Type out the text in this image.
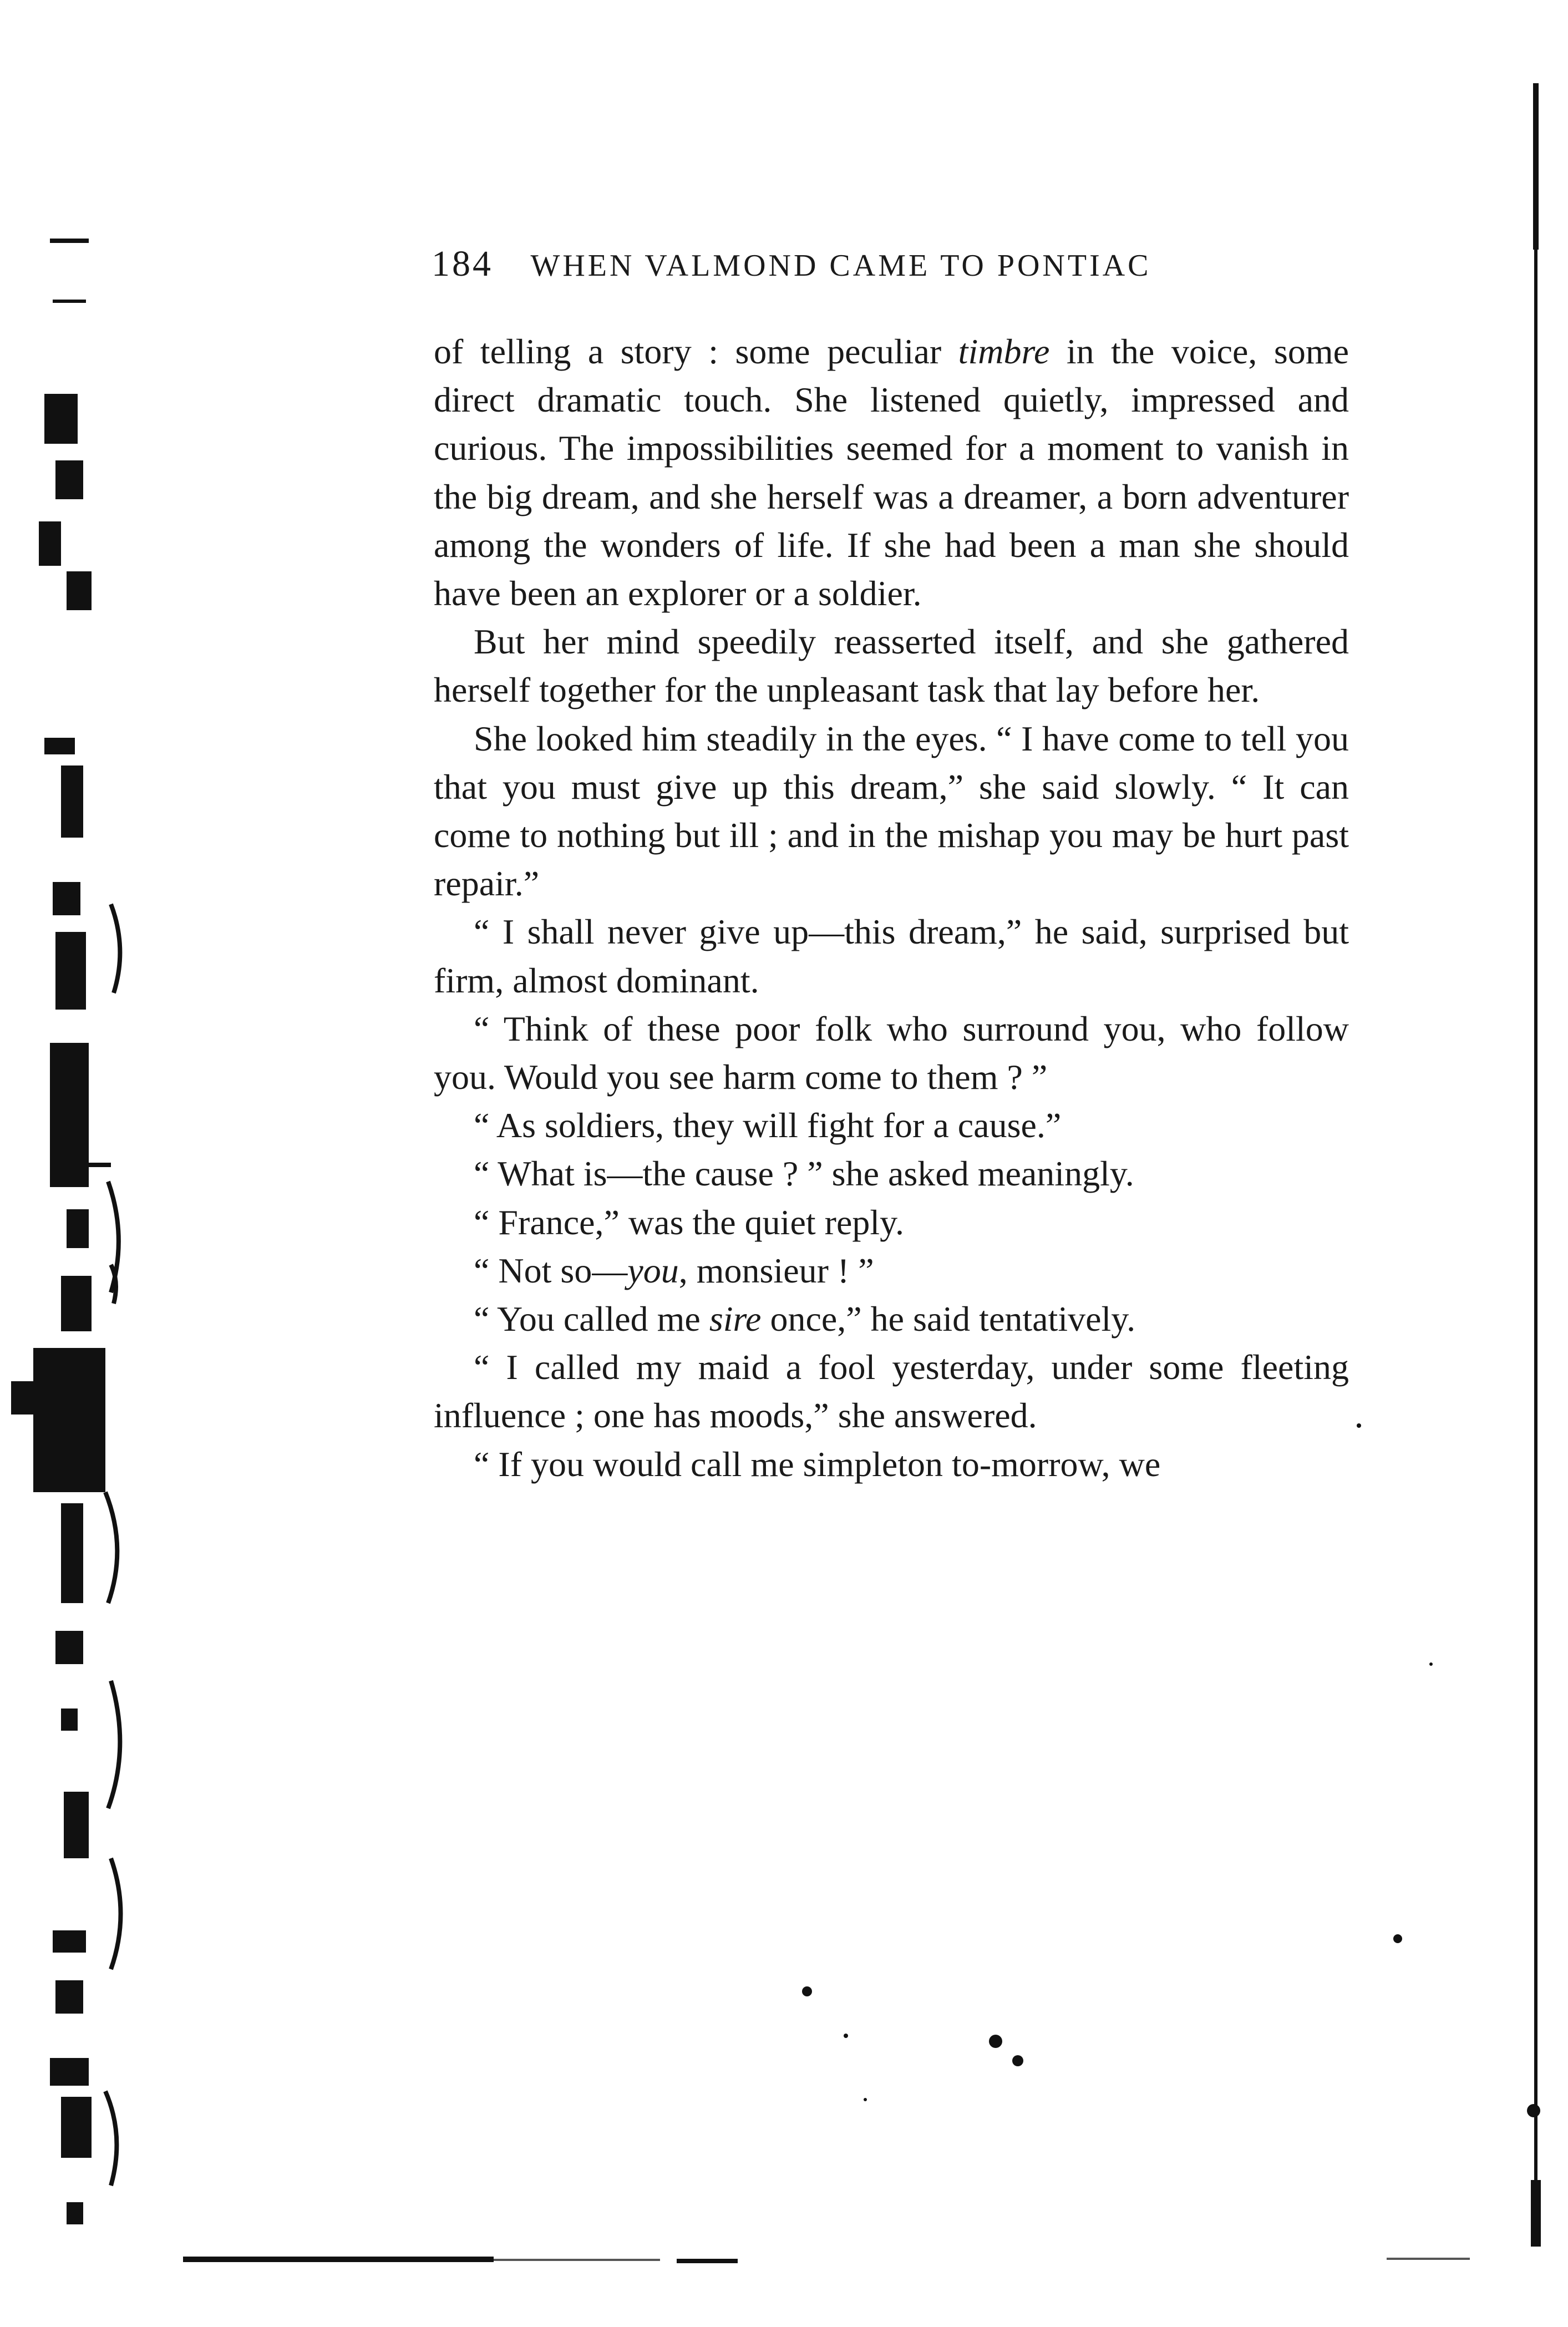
184 WHEN VALMOND CAME TO PONTIAC

of telling a story : some peculiar timbre in the voice, some direct dramatic touch. She listened quietly, impressed and curious. The impossibilities seemed for a moment to vanish in the big dream, and she herself was a dreamer, a born adventurer among the wonders of life. If she had been a man she should have been an explorer or a soldier.

But her mind speedily reasserted itself, and she gathered herself together for the unpleasant task that lay before her.

She looked him steadily in the eyes. “ I have come to tell you that you must give up this dream,” she said slowly. “ It can come to nothing but ill ; and in the mishap you may be hurt past repair.”

“ I shall never give up—this dream,” he said, surprised but firm, almost dominant.

“ Think of these poor folk who surround you, who follow you. Would you see harm come to them ? ”

“ As soldiers, they will fight for a cause.”

“ What is—the cause ? ” she asked meaningly.

“ France,” was the quiet reply.

“ Not so—you, monsieur ! ”

“ You called me sire once,” he said tentatively.

“ I called my maid a fool yesterday, under some fleeting influence ; one has moods,” she answered.

“ If you would call me simpleton to-morrow, we
